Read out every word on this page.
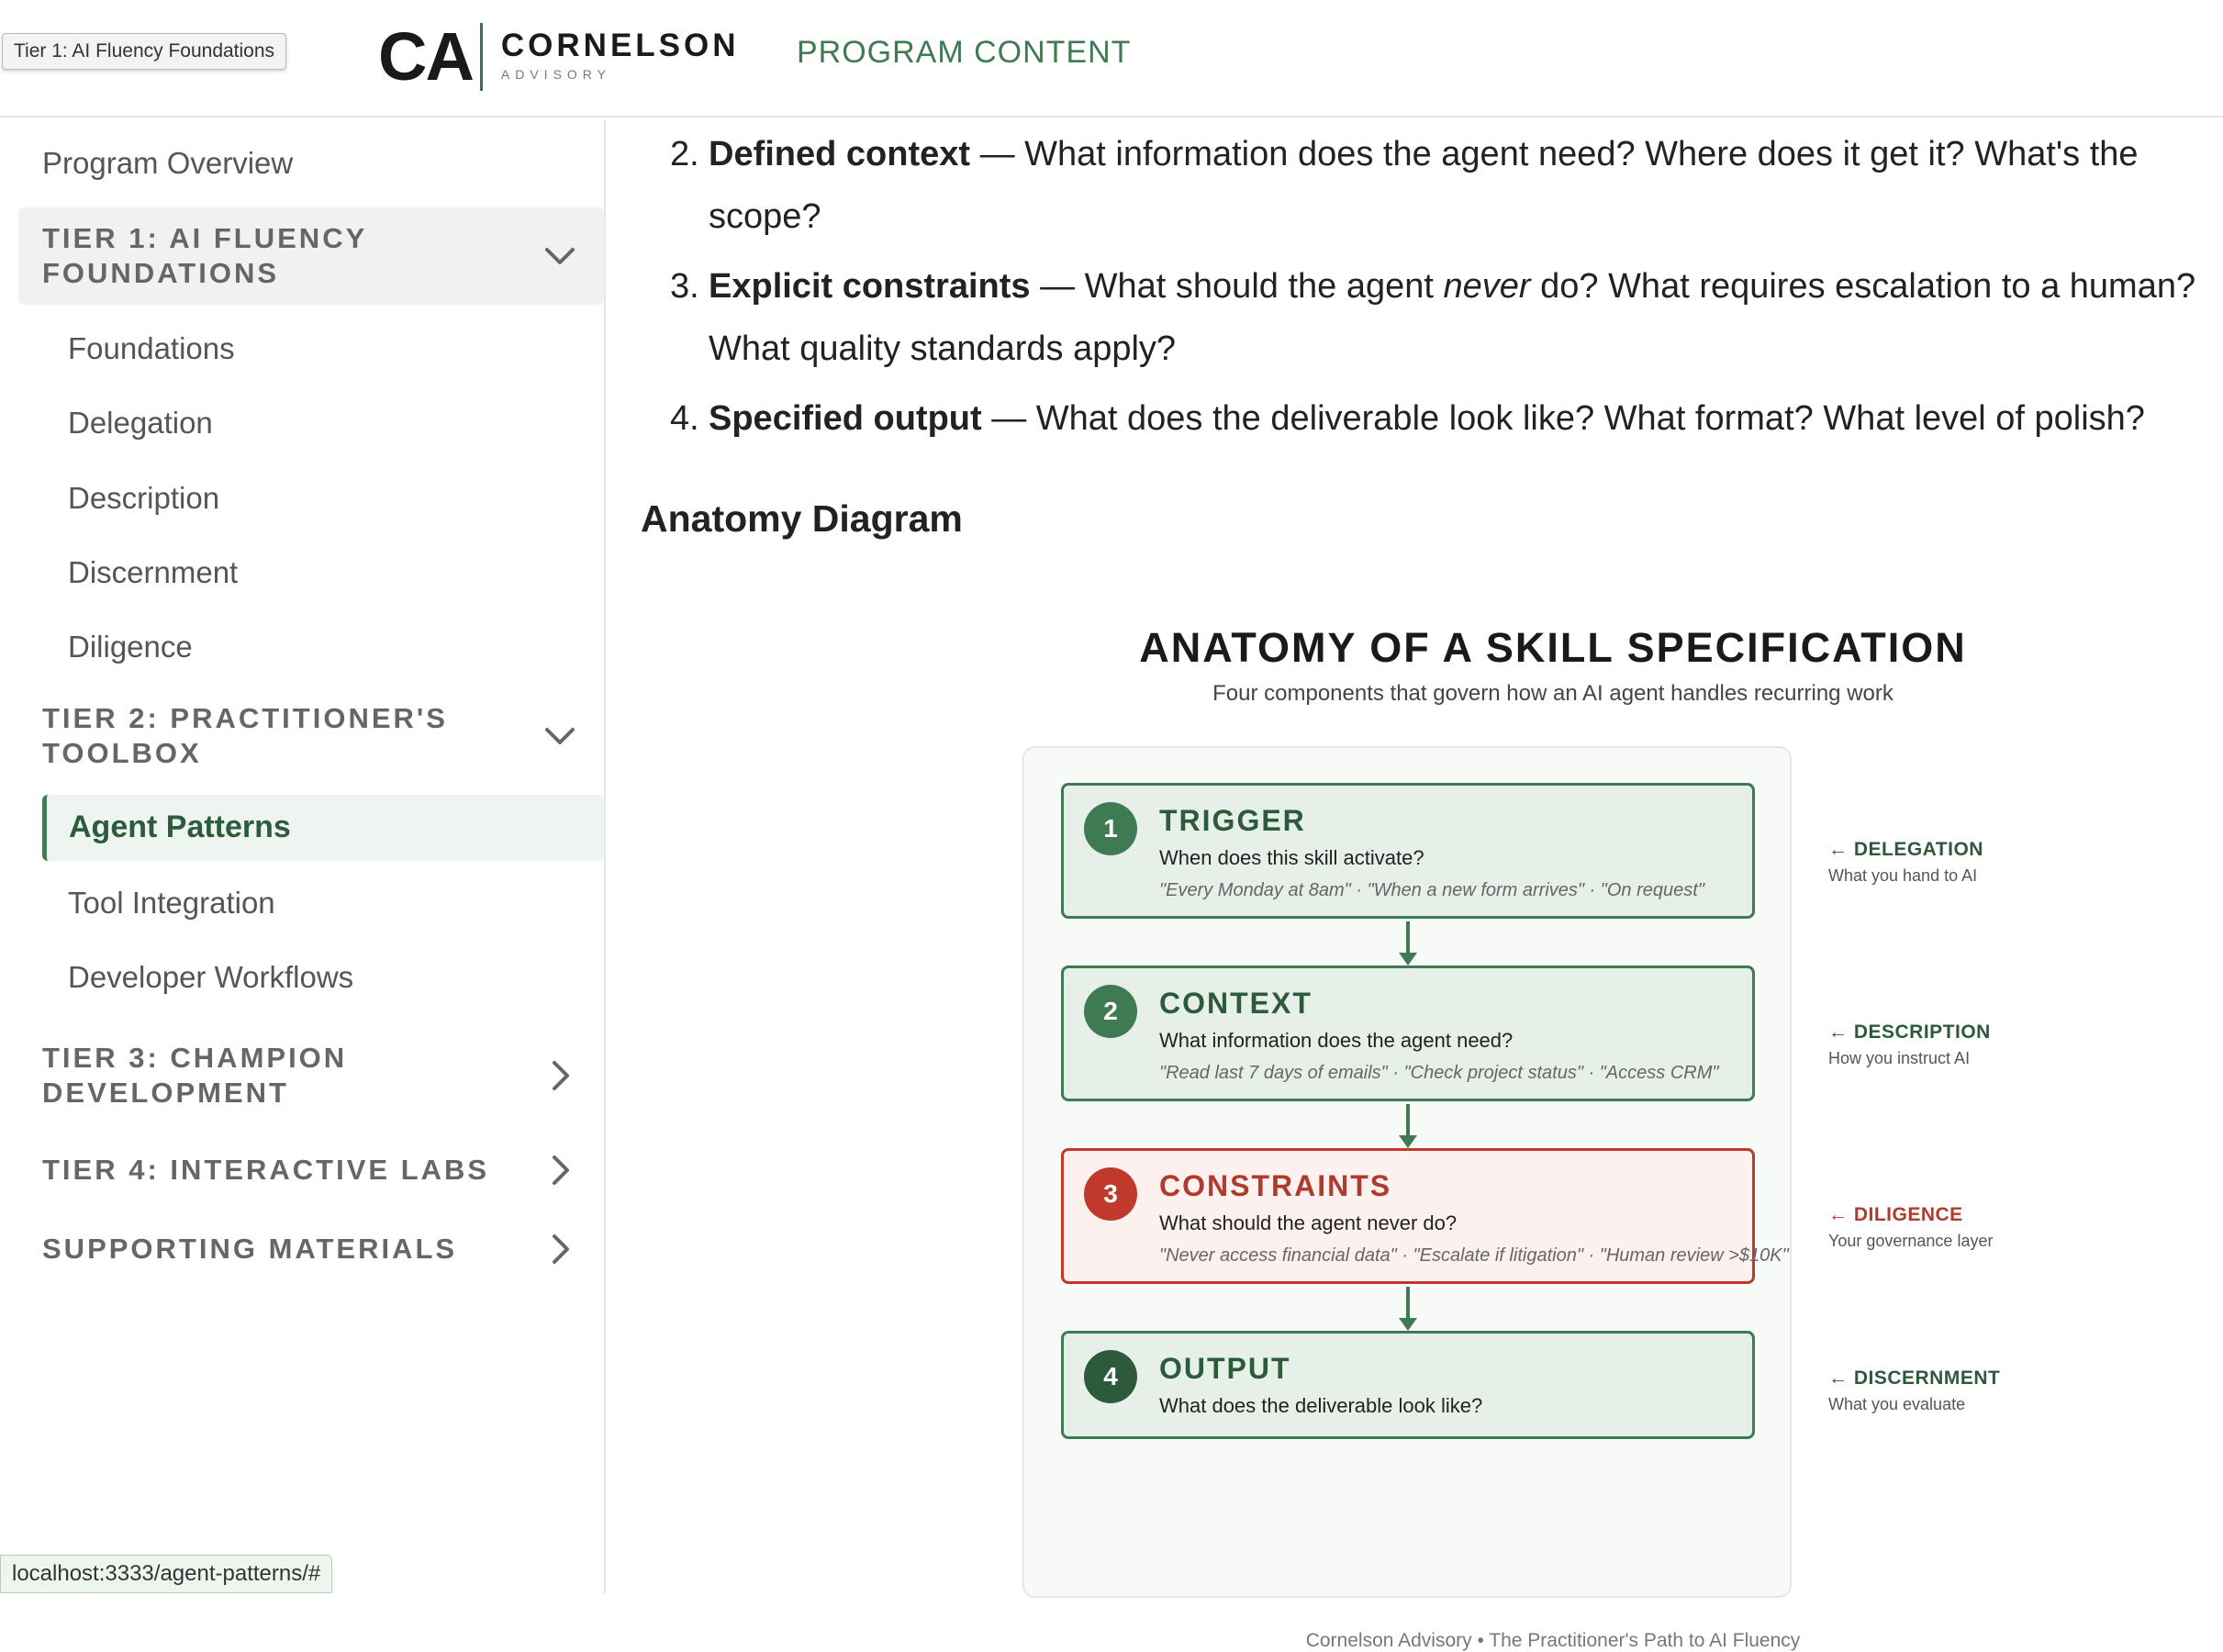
Tier 1: AI Fluency Foundations CA CORNELSON
ADVISORY
PROGRAM CONTENT
Program Overview
TIER 1: AI FLUENCY
FOUNDATIONS
Foundations
Delegation
Description
Discernment
Diligence
TIER 2: PRACTITIONER'S
TOOLBOX
Agent Patterns
Tool Integration
Developer Workflows
TIER 3: CHAMPION
DEVELOPMENT
TIER 4: INTERACTIVE LABS
SUPPORTING MATERIALS
2. Defined context — What information does the agent need? Where does it get it? What's the scope?
3. Explicit constraints — What should the agent never do? What requires escalation to a human? What quality standards apply?
4. Specified output — What does the deliverable look like? What format? What level of polish?
Anatomy Diagram
ANATOMY OF A SKILL SPECIFICATION
Four components that govern how an AI agent handles recurring work
1	TRIGGER
When does this skill activate?
"Every Monday at 8am" · "When a new form arrives" · "On request"
2	CONTEXT
What information does the agent need?
"Read last 7 days of emails" · "Check project status" · "Access CRM"
3	CONSTRAINTS
What should the agent never do?
"Never access financial data" · "Escalate if litigation" · "Human review >$10K"
4	OUTPUT
What does the deliverable look like?
← DELEGATION
What you hand to AI
← DESCRIPTION
How you instruct AI
← DILIGENCE
Your governance layer
← DISCERNMENT
What you evaluate
Cornelson Advisory • The Practitioner's Path to AI Fluency
localhost:3333/agent-patterns/#
